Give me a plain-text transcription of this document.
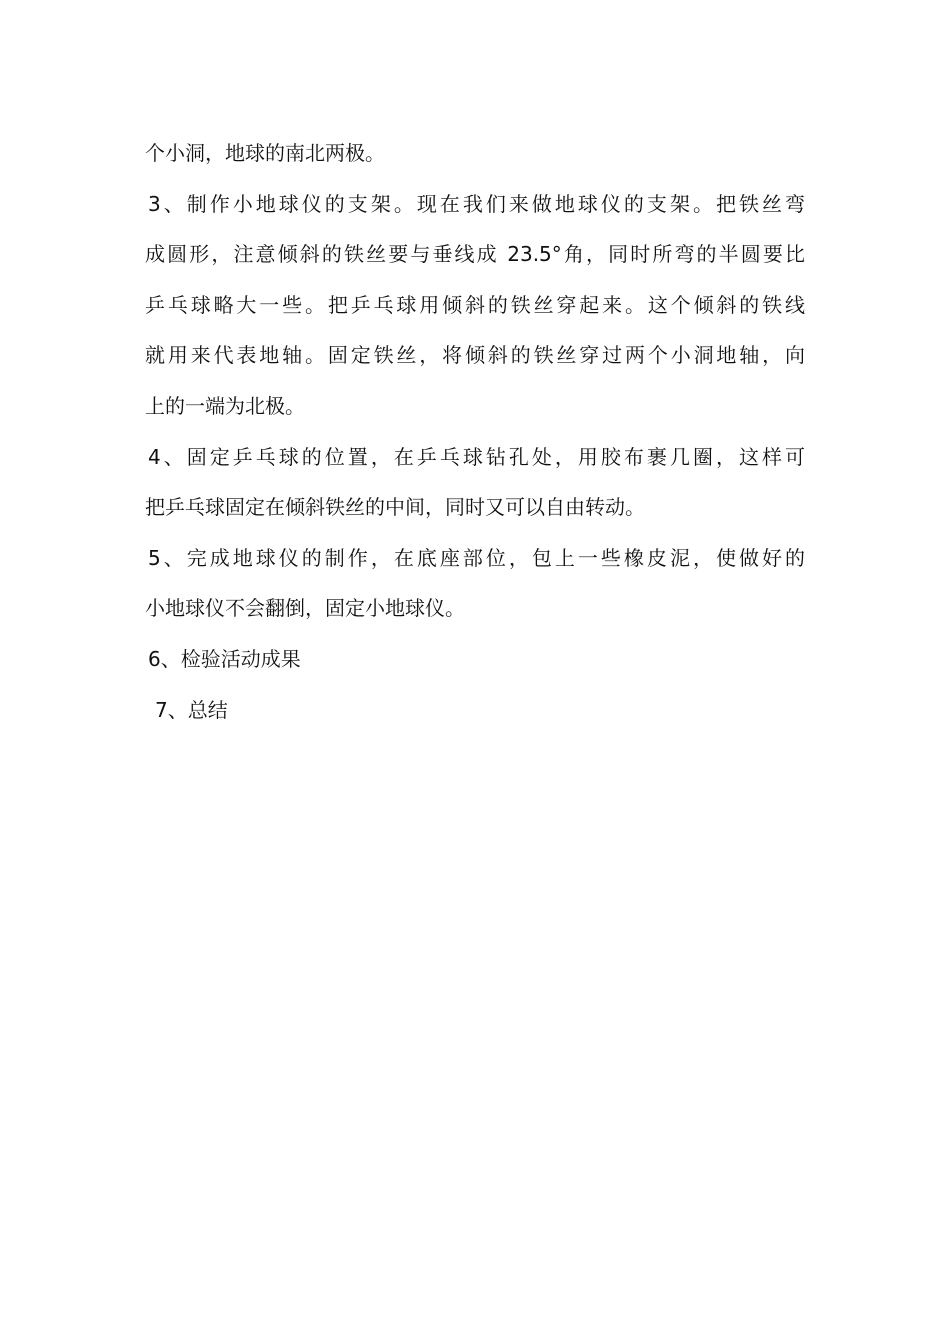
个小洞，地球的南北两极。
3、制作小地球仪的支架。现在我们来做地球仪的支架。把铁丝弯
成圆形，注意倾斜的铁丝要与垂线成 23.5°角，同时所弯的半圆要比
乒乓球略大一些。把乒乓球用倾斜的铁丝穿起来。这个倾斜的铁线
就用来代表地轴。固定铁丝，将倾斜的铁丝穿过两个小洞地轴，向
上的一端为北极。
4、固定乒乓球的位置，在乒乓球钻孔处，用胶布裹几圈，这样可
把乒乓球固定在倾斜铁丝的中间，同时又可以自由转动。
5、完成地球仪的制作，在底座部位，包上一些橡皮泥，使做好的
小地球仪不会翻倒，固定小地球仪。
6、检验活动成果
7、总结
